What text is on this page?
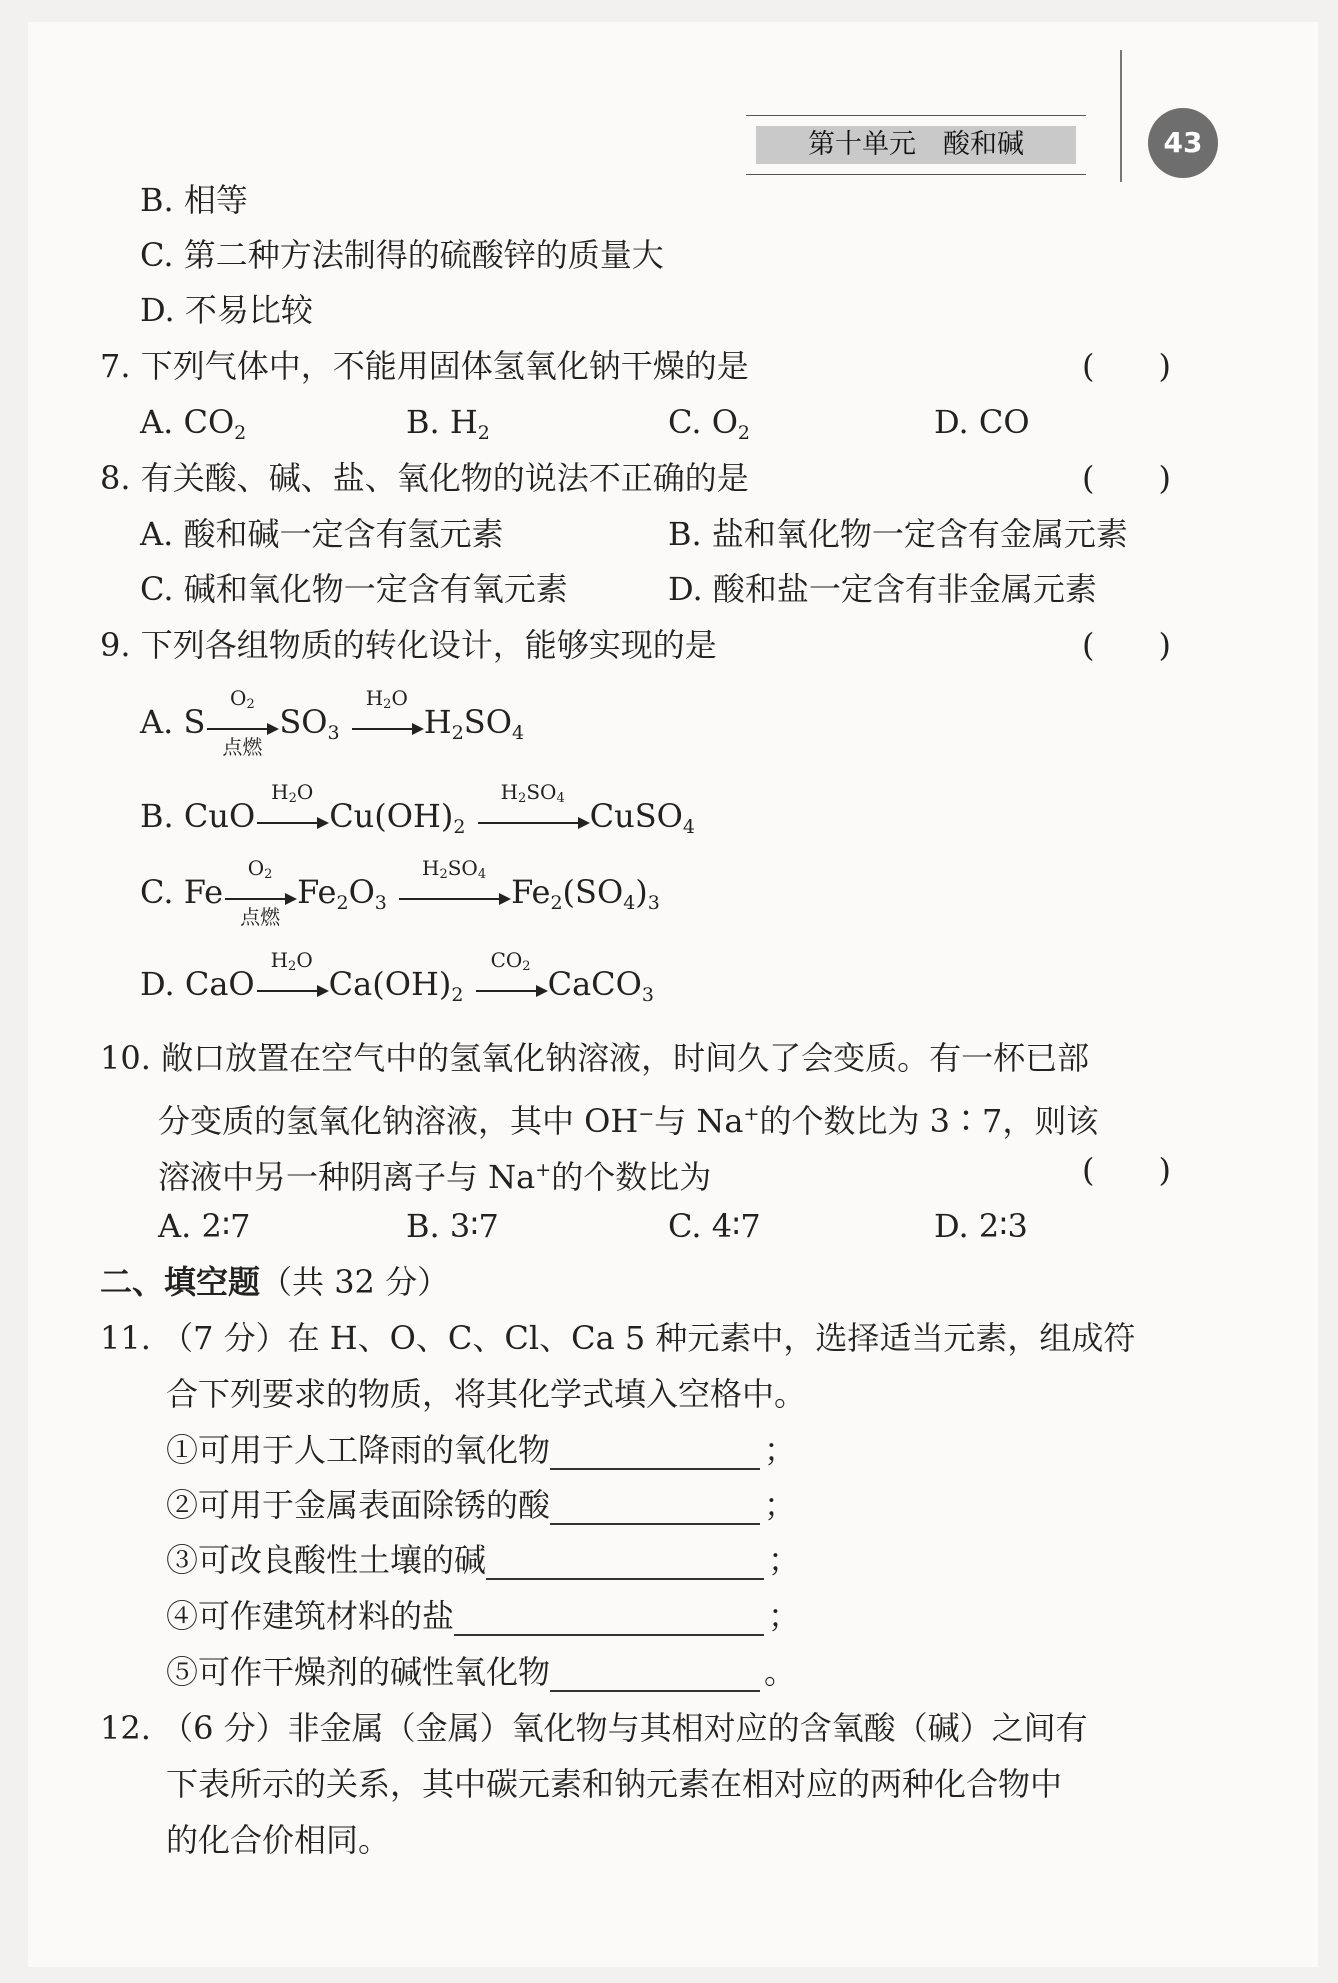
第十单元　酸和碱	43
B. 相等
C. 第二种方法制得的硫酸锌的质量大
D. 不易比较
7. 下列气体中，不能用固体氢氧化钠干燥的是	(　　)
A. $CO_2$	B. $H_2$	C. $O_2$	D. CO
8. 有关酸、碱、盐、氧化物的说法不正确的是	(　　)
A. 酸和碱一定含有氢元素	B. 盐和氧化物一定含有金属元素
C. 碱和氧化物一定含有氧元素	D. 酸和盐一定含有非金属元素
9. 下列各组物质的转化设计，能够实现的是	(　　)
A. S
$O_2$
点燃
$SO_3$
$H_2O$
$H_2SO_4$
B. CuO
$H_2O$
$Cu(OH)_2$
$H_2SO_4$ CuSO$_4$
C. Fe
$O_2$
点燃
$Fe_2O_3$
$H_2SO_4$ $Fe_2(SO_4)_3$
D. CaO
$H_2O$
$Ca(OH)_2$
$CO_2$ CaCO$_3$
10. 敞口放置在空气中的氢氧化钠溶液，时间久了会变质。有一杯已部
分变质的氢氧化钠溶液，其中 OH−与 Na+的个数比为 3∶7，则该
溶液中另一种阴离子与 Na+的个数比为	(　　)
A. 2∶7	B. 3∶7	C. 4∶7	D. 2∶3
二、填空题（共 32 分）
11. （7 分）在 H、O、C、Cl、Ca 5 种元素中，选择适当元素，组成符
合下列要求的物质，将其化学式填入空格中。
①可用于人工降雨的氧化物	；
②可用于金属表面除锈的酸	；
③可改良酸性土壤的碱	；
④可作建筑材料的盐	；
⑤可作干燥剂的碱性氧化物	。
12. （6 分）非金属（金属）氧化物与其相对应的含氧酸（碱）之间有
下表所示的关系，其中碳元素和钠元素在相对应的两种化合物中
的化合价相同。
